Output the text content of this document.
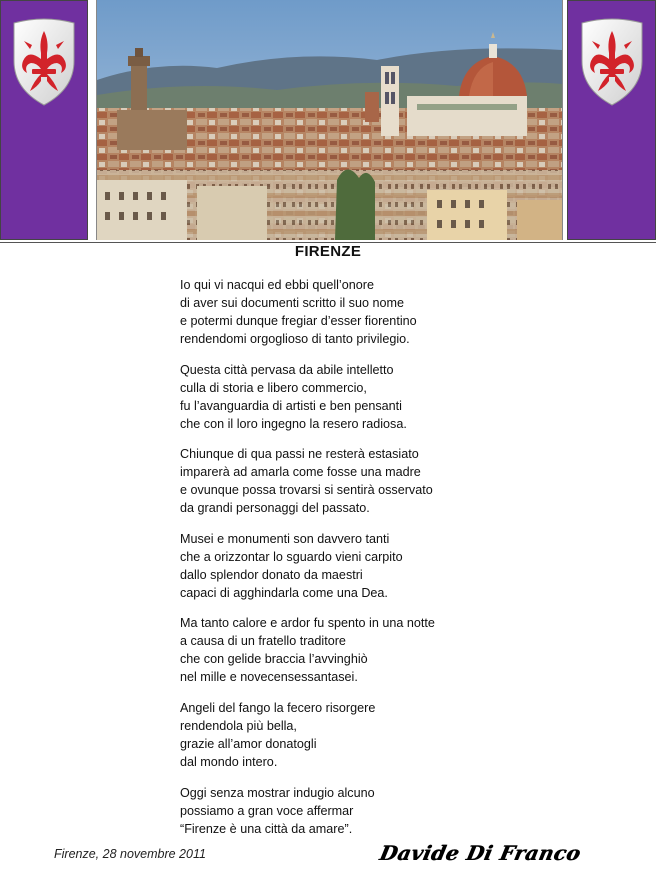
FIRENZE
Io qui vi nacqui ed ebbi quell’onore
di aver sui documenti scritto il suo nome
e potermi dunque fregiar d’esser fiorentino
rendendomi orgoglioso di tanto privilegio.
Questa città pervasa da abile intelletto
culla di storia e libero commercio,
fu l’avanguardia di artisti e ben pensanti
che con il loro ingegno la resero radiosa.
Chiunque di qua passi ne resterà estasiato
imparerà ad amarla come fosse una madre
e ovunque possa trovarsi si sentirà osservato
da grandi personaggi del passato.
Musei e monumenti son davvero tanti
che a orizzontar lo sguardo vieni carpito
dallo splendor donato da maestri
capaci di agghindarla come una Dea.
Ma tanto calore e ardor fu spento in una notte
a causa di un fratello traditore
che con gelide braccia l’avvinghiò
nel mille e novecensessantasei.
Angeli del fango la fecero risorgere
rendendola più bella,
grazie all’amor donatogli
dal mondo intero.
Oggi senza mostrar indugio alcuno
possiamo a gran voce affermar
“Firenze è una città da amare”.
Firenze, 28 novembre 2011	Davide Di Franco
